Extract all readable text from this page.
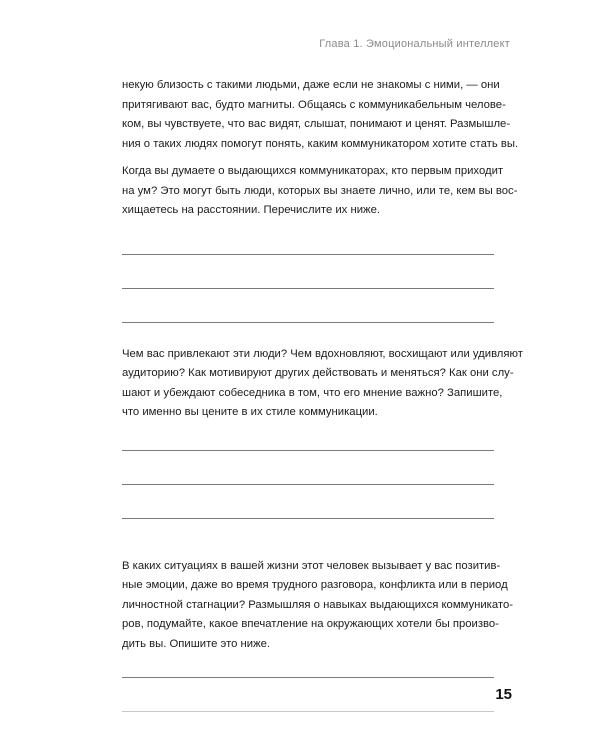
Глава 1. Эмоциональный интеллект

некую близость с такими людьми, даже если не знакомы с ними, — они
притягивают вас, будто магниты. Общаясь с коммуникабельным челове-
ком, вы чувствуете, что вас видят, слышат, понимают и ценят. Размышле-
ния о таких людях помогут понять, каким коммуникатором хотите стать вы.

Когда вы думаете о выдающихся коммуникаторах, кто первым приходит
на ум? Это могут быть люди, которых вы знаете лично, или те, кем вы вос-
хищаетесь на расстоянии. Перечислите их ниже.

Чем вас привлекают эти люди? Чем вдохновляют, восхищают или удивляют
аудиторию? Как мотивируют других действовать и меняться? Как они слу-
шают и убеждают собеседника в том, что его мнение важно? Запишите,
что именно вы цените в их стиле коммуникации.

В каких ситуациях в вашей жизни этот человек вызывает у вас позитив-
ные эмоции, даже во время трудного разговора, конфликта или в период
личностной стагнации? Размышляя о навыках выдающихся коммуникато-
ров, подумайте, какое впечатление на окружающих хотели бы произво-
дить вы. Опишите это ниже.

15
